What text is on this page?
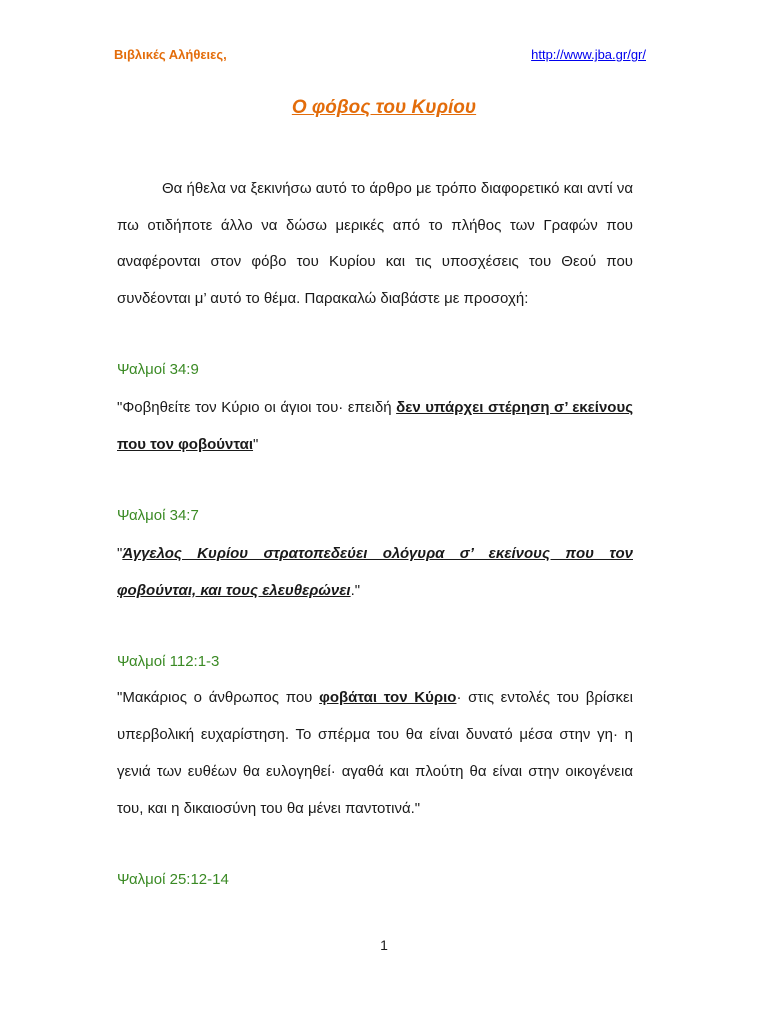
Βιβλικές Αλήθειες,	http://www.jba.gr/gr/
Ο φόβος του Κυρίου

Θα ήθελα να ξεκινήσω αυτό το άρθρο με τρόπο διαφορετικό και αντί να πω οτιδήποτε άλλο να δώσω μερικές από το πλήθος των Γραφών που αναφέρονται στον φόβο του Κυρίου και τις υποσχέσεις του Θεού που συνδέονται μ’ αυτό το θέμα. Παρακαλώ διαβάστε με προσοχή:

Ψαλμοί 34:9

"Φοβηθείτε τον Κύριο οι άγιοι του· επειδή δεν υπάρχει στέρηση σ’ εκείνους που τον φοβούνται"

Ψαλμοί 34:7

"Άγγελος Κυρίου στρατοπεδεύει ολόγυρα σ’ εκείνους που τον φοβούνται, και τους ελευθερώνει."

Ψαλμοί 112:1-3

"Μακάριος ο άνθρωπος που φοβάται τον Κύριο· στις εντολές του βρίσκει υπερβολική ευχαρίστηση. Το σπέρμα του θα είναι δυνατό μέσα στην γη· η γενιά των ευθέων θα ευλογηθεί· αγαθά και πλούτη θα είναι στην οικογένεια του, και η δικαιοσύνη του θα μένει παντοτινά."

Ψαλμοί 25:12-14
1
